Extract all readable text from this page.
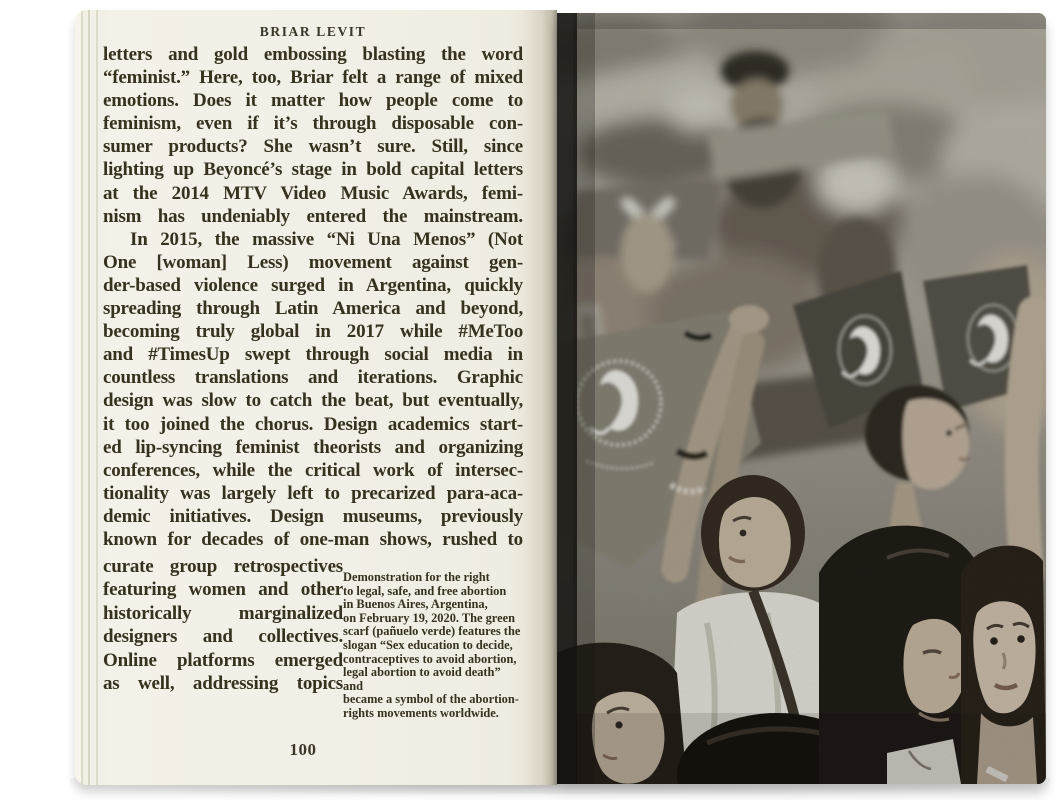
BRIAR LEVIT
letters and gold embossing blasting the word
“feminist.” Here, too, Briar felt a range of mixed
emotions. Does it matter how people come to
feminism, even if it’s through disposable con-
sumer products? She wasn’t sure. Still, since
lighting up Beyoncé’s stage in bold capital letters
at the 2014 MTV Video Music Awards, femi-
nism has undeniably entered the mainstream.
In 2015, the massive “Ni Una Menos” (Not
One [woman] Less) movement against gen-
der-based violence surged in Argentina, quickly
spreading through Latin America and beyond,
becoming truly global in 2017 while #MeToo
and #TimesUp swept through social media in
countless translations and iterations. Graphic
design was slow to catch the beat, but eventually,
it too joined the chorus. Design academics start-
ed lip-syncing feminist theorists and organizing
conferences, while the critical work of intersec-
tionality was largely left to precarized para-aca-
demic initiatives. Design museums, previously
known for decades of one-man shows, rushed to
curate group retrospectives
featuring women and other
historically marginalized
designers and collectives.
Online platforms emerged
as well, addressing topics
Demonstration for the right
to legal, safe, and free abortion
in Buenos Aires, Argentina,
on February 19, 2020. The green
scarf (pañuelo verde) features the
slogan “Sex education to decide,
contraceptives to avoid abortion,
legal abortion to avoid death” and
became a symbol of the abortion-
rights movements worldwide.
100
